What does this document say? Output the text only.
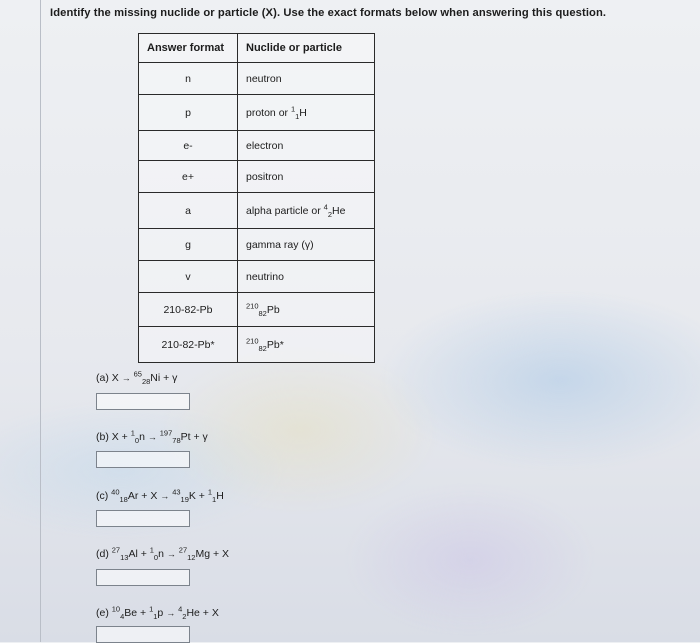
Identify the missing nuclide or particle (X). Use the exact formats below when answering this question.
Answer format	Nuclide or particle
n	neutron
p	proton or $^1_1$H
e-	electron
e+	positron
a	alpha particle or $^4_2$He
g	gamma ray (γ)
v	neutrino
210-82-Pb	$^{210}_{82}$Pb
210-82-Pb*	$^{210}_{82}$Pb*
(a) X → $^{65}_{28}$Ni + γ
(b) X + $^1_0$n → $^{197}_{78}$Pt + γ
(c) $^{40}_{18}$Ar + X → $^{43}_{19}$K + $^1_1$H
(d) $^{27}_{13}$Al + $^1_0$n → $^{27}_{12}$Mg + X
(e) $^{10}_4$Be + $^1_1$p → $^4_2$He + X
